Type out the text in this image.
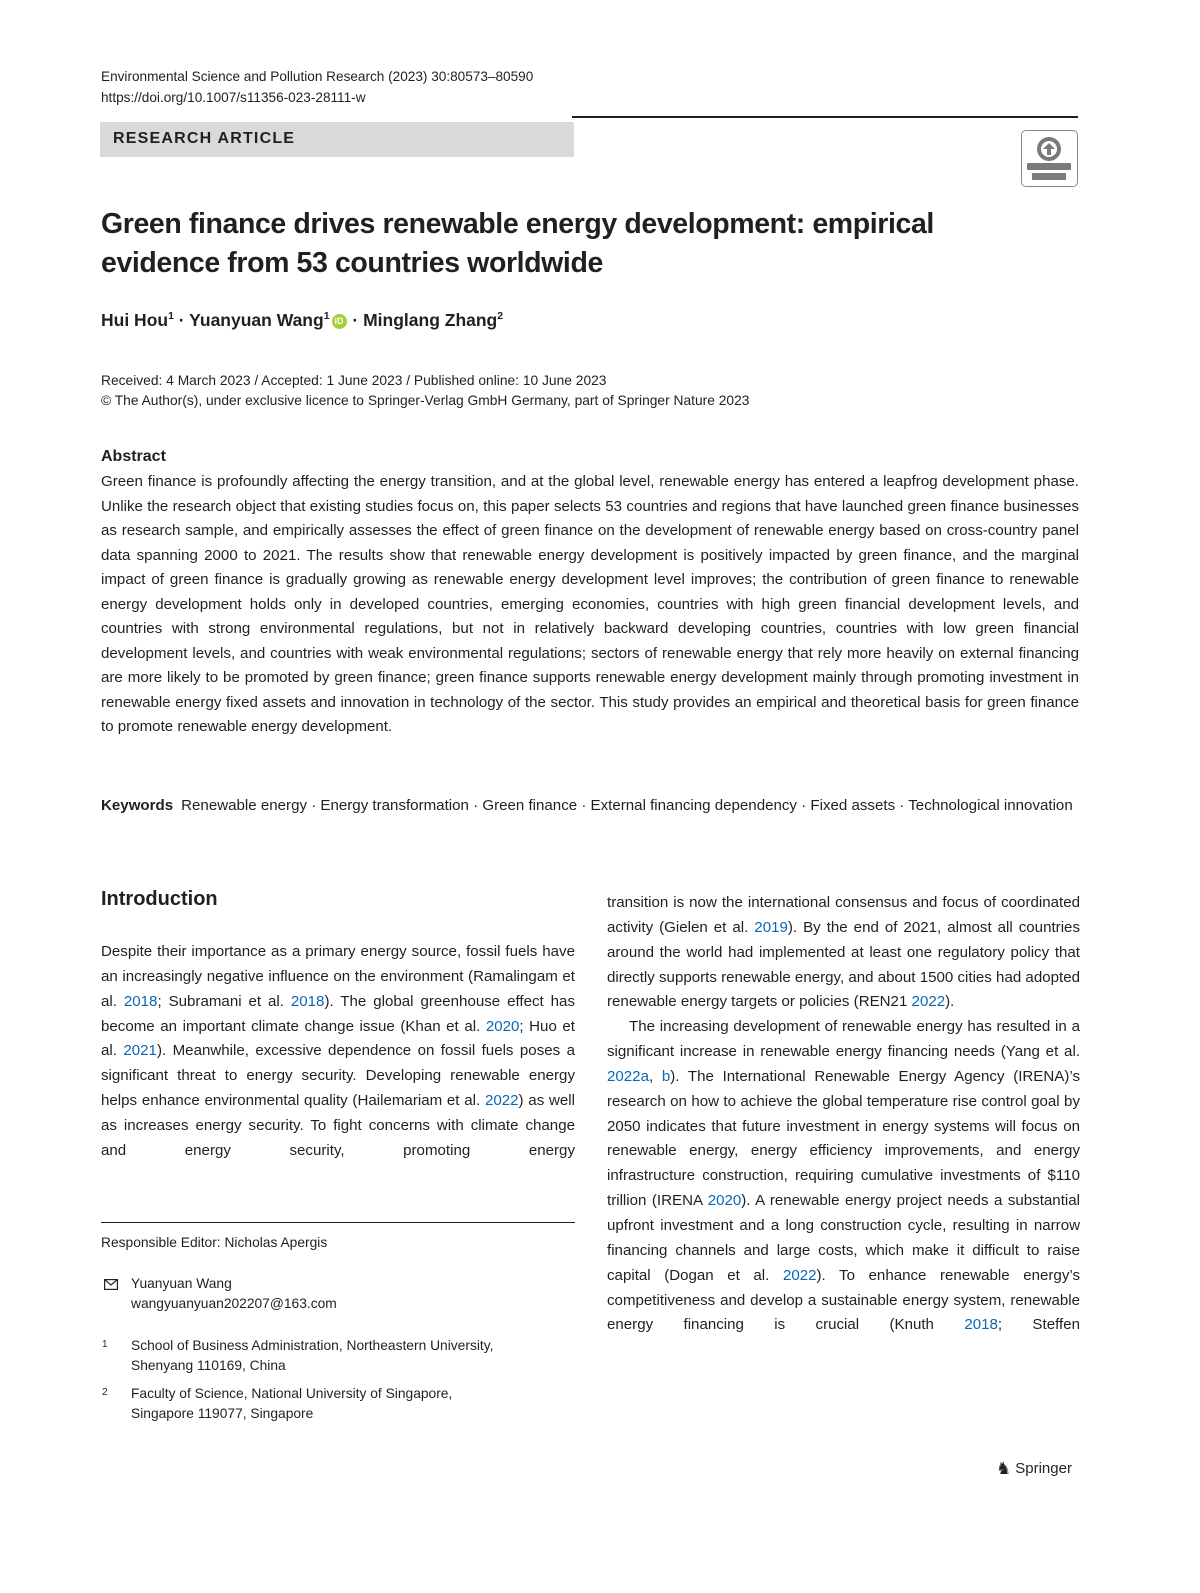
Environmental Science and Pollution Research (2023) 30:80573–80590
https://doi.org/10.1007/s11356-023-28111-w
RESEARCH ARTICLE
Green finance drives renewable energy development: empirical evidence from 53 countries worldwide
Hui Hou$^1$ · Yuanyuan Wang$^1$ iD · Minglang Zhang$^2$
Received: 4 March 2023 / Accepted: 1 June 2023 / Published online: 10 June 2023
© The Author(s), under exclusive licence to Springer-Verlag GmbH Germany, part of Springer Nature 2023
Abstract
Green finance is profoundly affecting the energy transition, and at the global level, renewable energy has entered a leapfrog development phase. Unlike the research object that existing studies focus on, this paper selects 53 countries and regions that have launched green finance businesses as research sample, and empirically assesses the effect of green finance on the development of renewable energy based on cross-country panel data spanning 2000 to 2021. The results show that renewable energy development is positively impacted by green finance, and the marginal impact of green finance is gradually growing as renewable energy development level improves; the contribution of green finance to renewable energy development holds only in developed countries, emerging economies, countries with high green financial development levels, and countries with strong environmental regulations, but not in relatively backward developing countries, countries with low green financial development levels, and countries with weak environmental regulations; sectors of renewable energy that rely more heavily on external financing are more likely to be promoted by green finance; green finance supports renewable energy development mainly through promoting investment in renewable energy fixed assets and innovation in technology of the sector. This study provides an empirical and theoretical basis for green finance to promote renewable energy development.
Keywords Renewable energy · Energy transformation · Green finance · External financing dependency · Fixed assets · Technological innovation
Introduction

Despite their importance as a primary energy source, fossil fuels have an increasingly negative influence on the environment (Ramalingam et al. 2018; Subramani et al. 2018). The global greenhouse effect has become an important climate change issue (Khan et al. 2020; Huo et al. 2021). Meanwhile, excessive dependence on fossil fuels poses a significant threat to energy security. Developing renewable energy helps enhance environmental quality (Hailemariam et al. 2022) as well as increases energy security. To fight concerns with climate change and energy security, promoting energy

transition is now the international consensus and focus of coordinated activity (Gielen et al. 2019). By the end of 2021, almost all countries around the world had implemented at least one regulatory policy that directly supports renewable energy, and about 1500 cities had adopted renewable energy targets or policies (REN21 2022).

The increasing development of renewable energy has resulted in a significant increase in renewable energy financing needs (Yang et al. 2022a, b). The International Renewable Energy Agency (IRENA)’s research on how to achieve the global temperature rise control goal by 2050 indicates that future investment in energy systems will focus on renewable energy, energy efficiency improvements, and energy infrastructure construction, requiring cumulative investments of $110 trillion (IRENA 2020). A renewable energy project needs a substantial upfront investment and a long construction cycle, resulting in narrow financing channels and large costs, which make it difficult to raise capital (Dogan et al. 2022). To enhance renewable energy’s competitiveness and develop a sustainable energy system, renewable energy financing is crucial (Knuth 2018; Steffen

Responsible Editor: Nicholas Apergis
Yuanyuan Wang
wangyuanyuan202207@163.com
1 School of Business Administration, Northeastern University,
Shenyang 110169, China
2 Faculty of Science, National University of Singapore,
Singapore 119077, Singapore
♞ Springer
